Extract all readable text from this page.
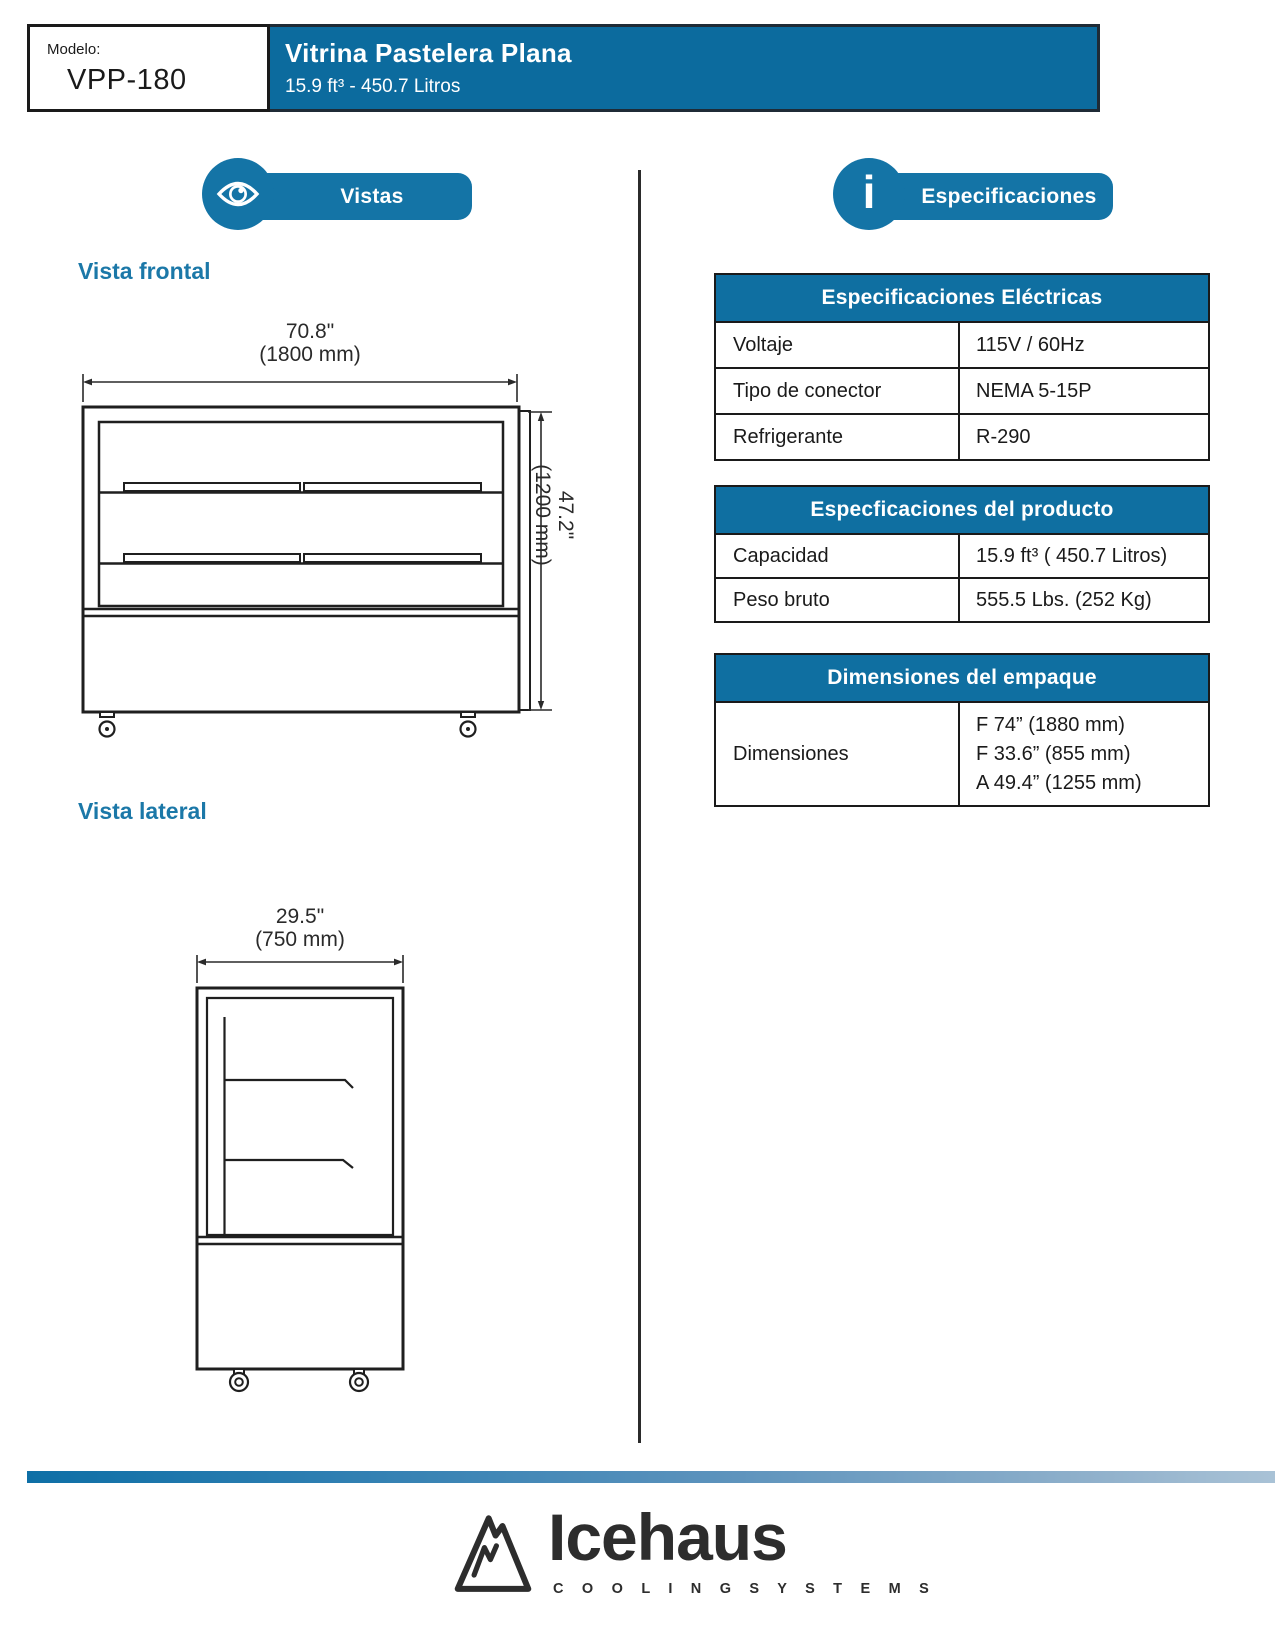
Modelo:
VPP-180
Vitrina Pastelera Plana
15.9 ft³ - 450.7 Litros
Vistas	Especificaciones
i
Vista frontal
70.8"
(1800 mm)
47.2"
(1200 mm)
Vista lateral
29.5"
(750 mm)
Especificaciones Eléctricas
Voltaje	115V / 60Hz
Tipo de conector	NEMA 5-15P
Refrigerante	R-290
Especficaciones del producto
Capacidad	15.9 ft³ ( 450.7 Litros)
Peso bruto	555.5 Lbs. (252 Kg)
Dimensiones del empaque
Dimensiones
F 74” (1880 mm)
F 33.6” (855 mm)
A 49.4” (1255 mm)
Icehaus
C O O L I N G S Y S T E M S
